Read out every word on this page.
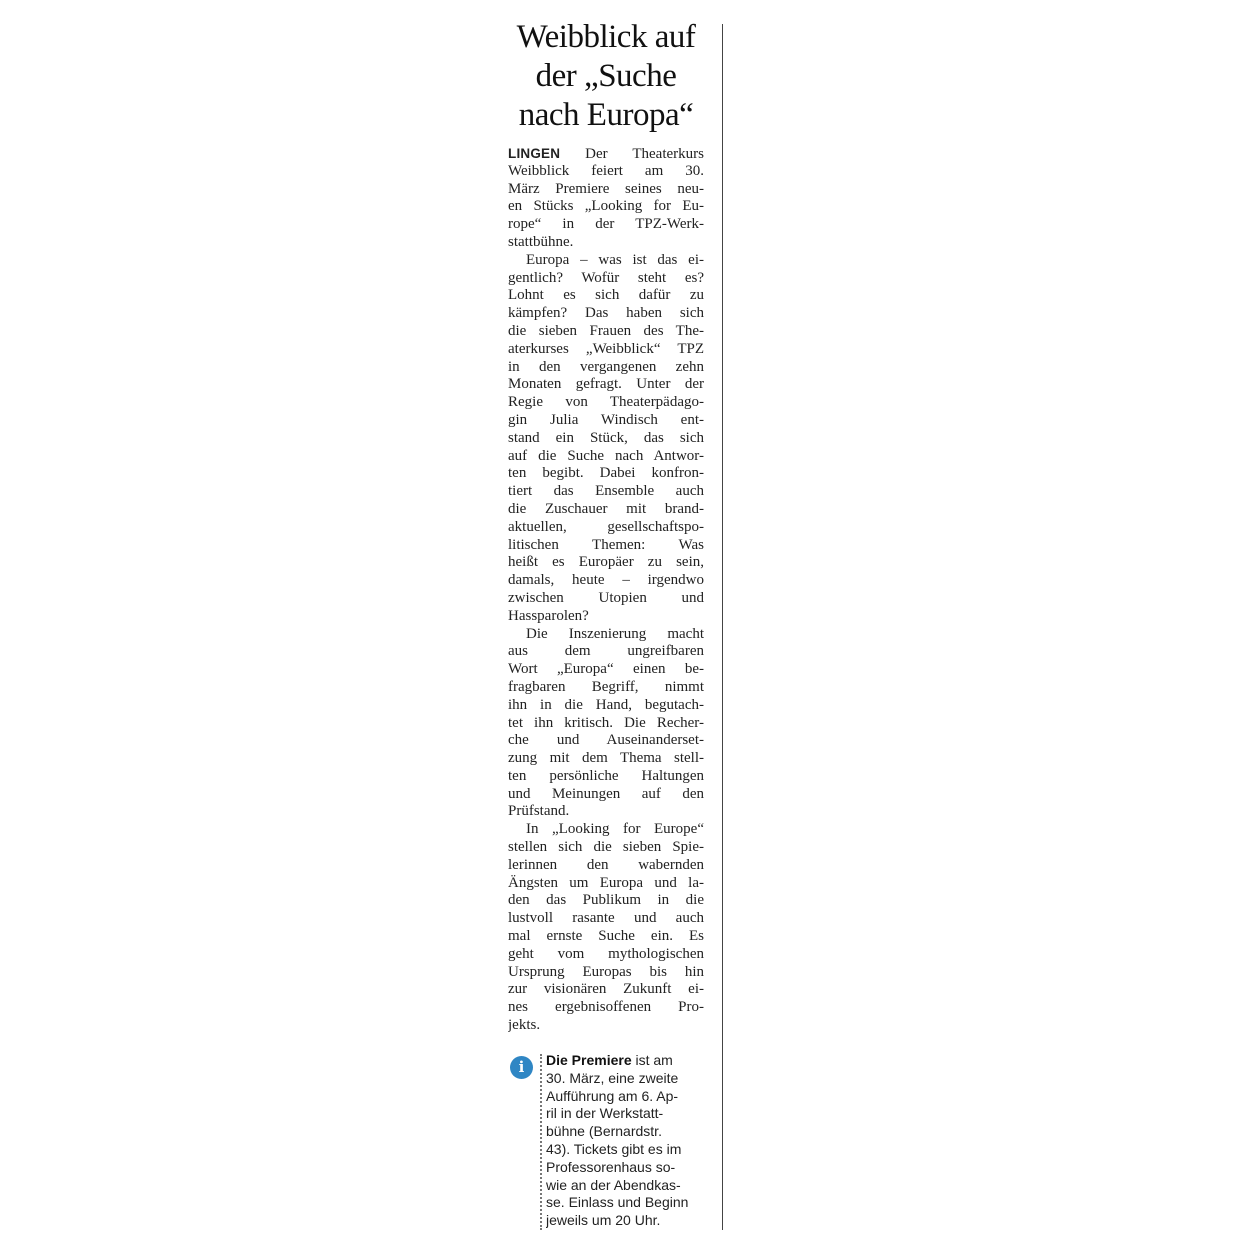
Weibblick auf
der „Suche
nach Europa“
LINGEN Der Theaterkurs
Weibblick feiert am 30.
März Premiere seines neu-
en Stücks „Looking for Eu-
rope“ in der TPZ-Werk-
stattbühne.
Europa – was ist das ei-
gentlich? Wofür steht es?
Lohnt es sich dafür zu
kämpfen? Das haben sich
die sieben Frauen des The-
aterkurses „Weibblick“ TPZ
in den vergangenen zehn
Monaten gefragt. Unter der
Regie von Theaterpädago-
gin Julia Windisch ent-
stand ein Stück, das sich
auf die Suche nach Antwor-
ten begibt. Dabei konfron-
tiert das Ensemble auch
die Zuschauer mit brand-
aktuellen, gesellschaftspo-
litischen Themen: Was
heißt es Europäer zu sein,
damals, heute – irgendwo
zwischen Utopien und
Hassparolen?
Die Inszenierung macht
aus dem ungreifbaren
Wort „Europa“ einen be-
fragbaren Begriff, nimmt
ihn in die Hand, begutach-
tet ihn kritisch. Die Recher-
che und Auseinanderset-
zung mit dem Thema stell-
ten persönliche Haltungen
und Meinungen auf den
Prüfstand.
In „Looking for Europe“
stellen sich die sieben Spie-
lerinnen den wabernden
Ängsten um Europa und la-
den das Publikum in die
lustvoll rasante und auch
mal ernste Suche ein. Es
geht vom mythologischen
Ursprung Europas bis hin
zur visionären Zukunft ei-
nes ergebnisoffenen Pro-
jekts.
i	Die Premiere ist am
30. März, eine zweite
Aufführung am 6. Ap-
ril in der Werkstatt-
bühne (Bernardstr.
43). Tickets gibt es im
Professorenhaus so-
wie an der Abendkas-
se. Einlass und Beginn
jeweils um 20 Uhr.
